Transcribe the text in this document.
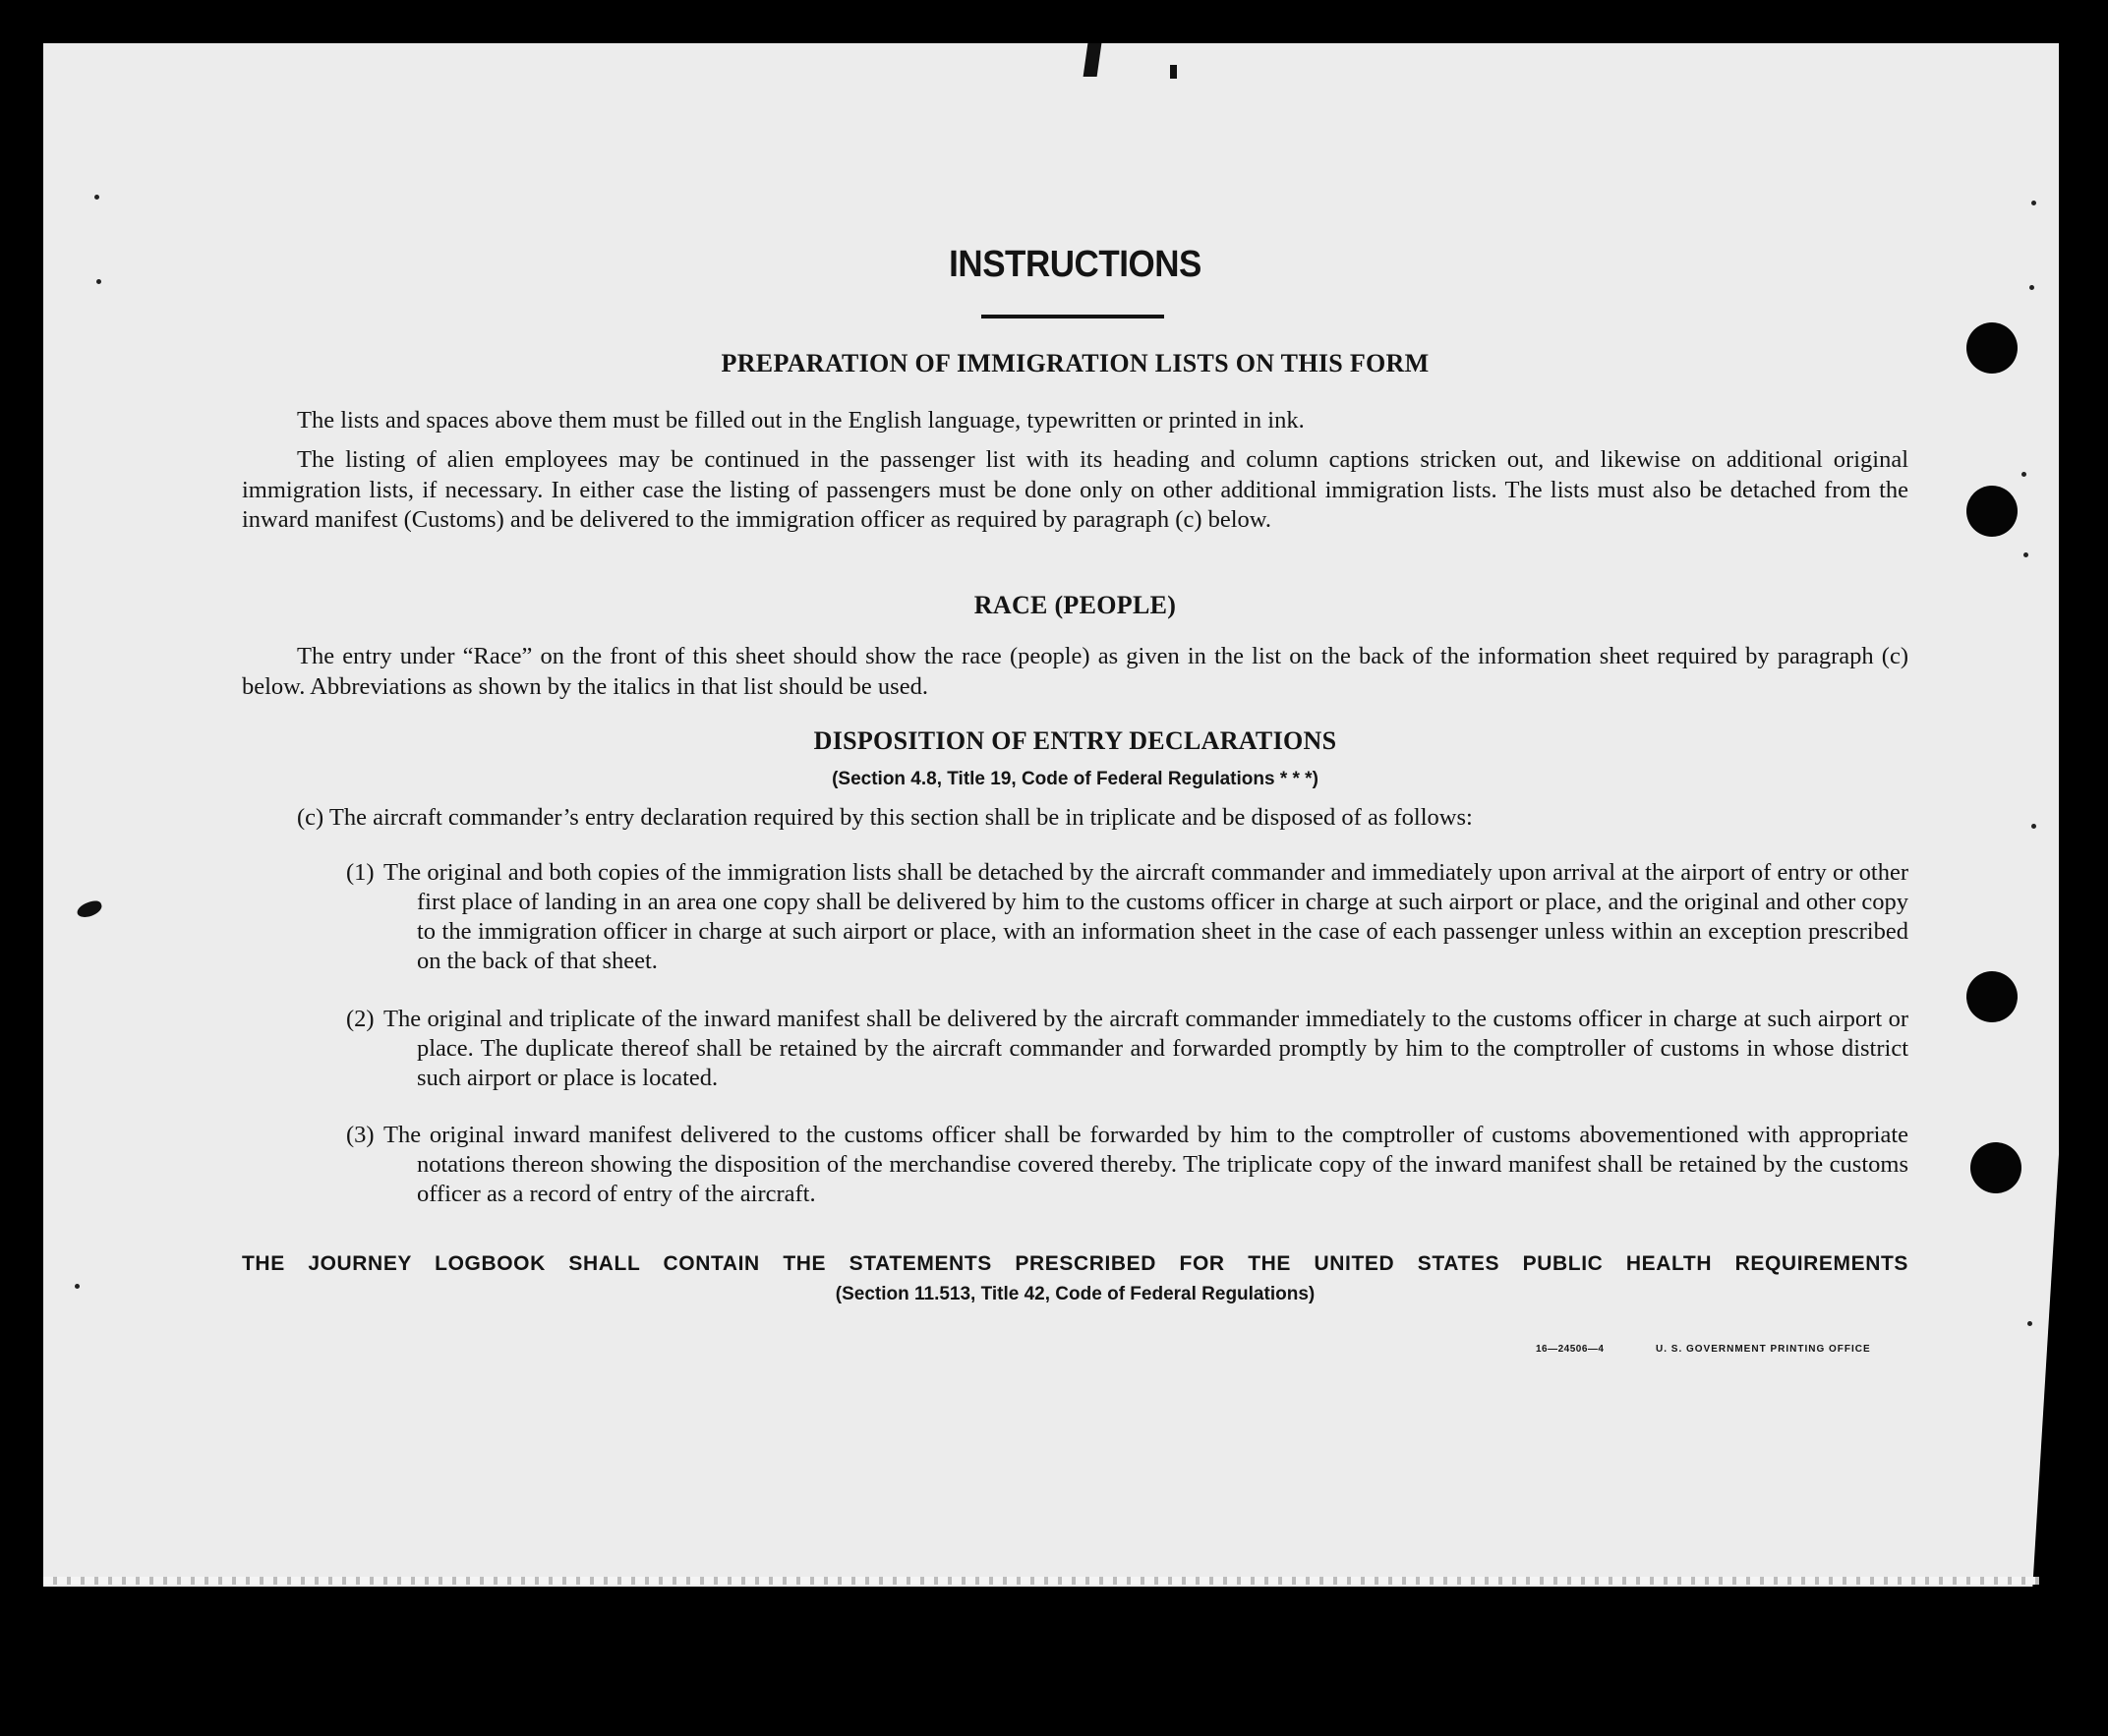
INSTRUCTIONS
PREPARATION OF IMMIGRATION LISTS ON THIS FORM
The lists and spaces above them must be filled out in the English language, typewritten or printed in ink.
The listing of alien employees may be continued in the passenger list with its heading and column captions stricken out, and likewise on additional original immigration lists, if necessary. In either case the listing of passengers must be done only on other additional immigration lists. The lists must also be detached from the inward manifest (Customs) and be delivered to the immigration officer as required by paragraph (c) below.
RACE (PEOPLE)
The entry under “Race” on the front of this sheet should show the race (people) as given in the list on the back of the information sheet required by paragraph (c) below. Abbreviations as shown by the italics in that list should be used.
DISPOSITION OF ENTRY DECLARATIONS
(Section 4.8, Title 19, Code of Federal Regulations * * *)
(c) The aircraft commander’s entry declaration required by this section shall be in triplicate and be disposed of as follows:
(1) The original and both copies of the immigration lists shall be detached by the aircraft commander and immediately upon arrival at the airport of entry or other first place of landing in an area one copy shall be delivered by him to the customs officer in charge at such airport or place, and the original and other copy to the immigration officer in charge at such airport or place, with an information sheet in the case of each passenger unless within an exception prescribed on the back of that sheet.
(2) The original and triplicate of the inward manifest shall be delivered by the aircraft commander immediately to the customs officer in charge at such airport or place. The duplicate thereof shall be retained by the aircraft commander and forwarded promptly by him to the comptroller of customs in whose district such airport or place is located.
(3) The original inward manifest delivered to the customs officer shall be forwarded by him to the comptroller of customs abovementioned with appropriate notations thereon showing the disposition of the merchandise covered thereby. The triplicate copy of the inward manifest shall be retained by the customs officer as a record of entry of the aircraft.
THE JOURNEY LOGBOOK SHALL CONTAIN THE STATEMENTS PRESCRIBED FOR THE UNITED STATES PUBLIC HEALTH REQUIREMENTS
(Section 11.513, Title 42, Code of Federal Regulations)
16—24506—4	U. S. GOVERNMENT PRINTING OFFICE
